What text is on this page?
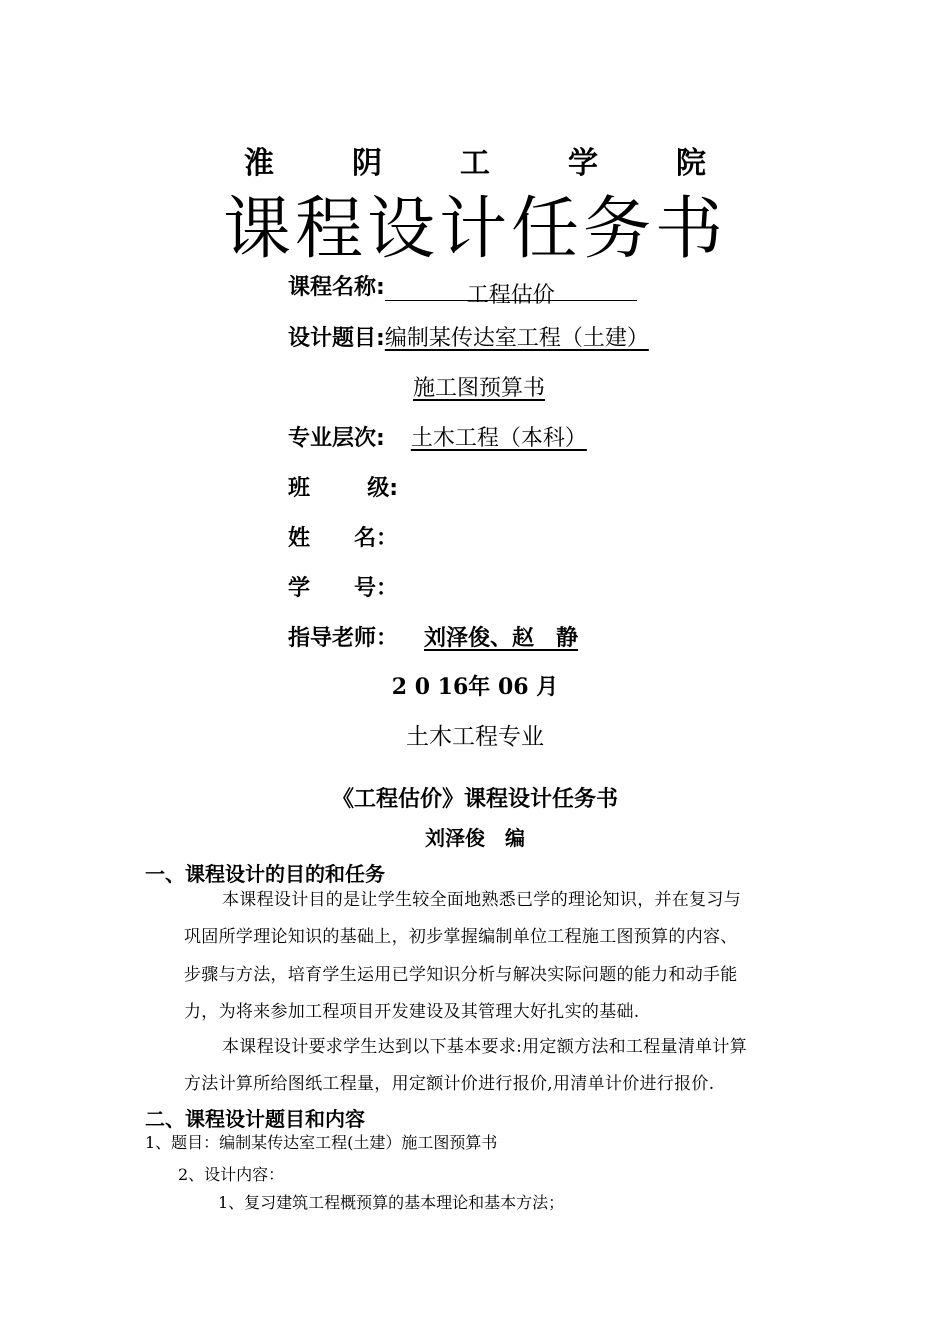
淮	阴	工	学	院
课程设计任务书
课程名称:	工程估价
设计题目:编制某传达室工程（土建）
施工图预算书
专业层次: 土木工程（本科）
班	级:
姓 名：
学 号：
指导老师： 刘泽俊、赵　静
2 0 16年 06 月
土木工程专业
《工程估价》课程设计任务书
刘泽俊　编
一、课程设计的目的和任务
本课程设计目的是让学生较全面地熟悉已学的理论知识，并在复习与
巩固所学理论知识的基础上，初步掌握编制单位工程施工图预算的内容、
步骤与方法，培育学生运用已学知识分析与解决实际问题的能力和动手能
力，为将来参加工程项目开发建设及其管理大好扎实的基础.
本课程设计要求学生达到以下基本要求:用定额方法和工程量清单计算
方法计算所给图纸工程量，用定额计价进行报价,用清单计价进行报价.
二、课程设计题目和内容
1、题目：编制某传达室工程(土建）施工图预算书
2、设计内容：
1、复习建筑工程概预算的基本理论和基本方法；
